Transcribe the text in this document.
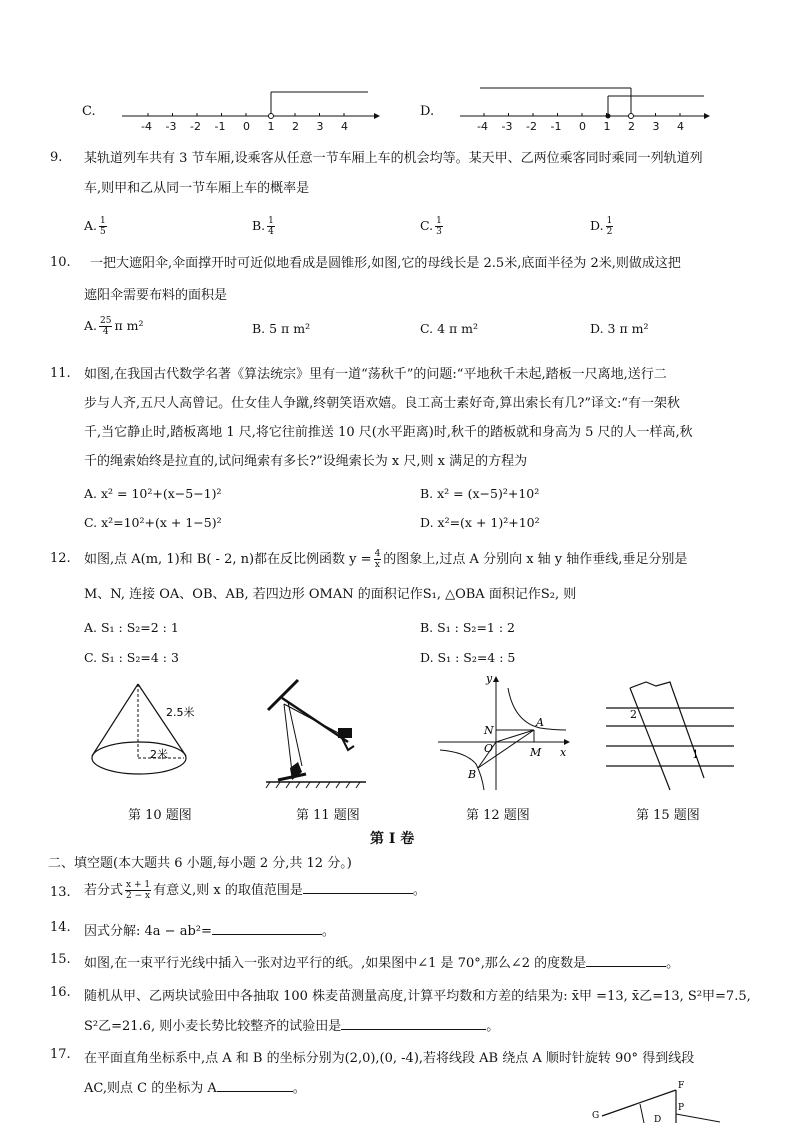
C.	D.
-4 -3 -2 -1 0 1 2 3 4	-4 -3 -2 -1 0 1 2 3 4
9. 某轨道列车共有 3 节车厢,设乘客从任意一节车厢上车的机会均等。某天甲、乙两位乘客同时乘同一列轨道列
车,则甲和乙从同一节车厢上车的概率是
A. $\frac{1}{5}$	B. $\frac{1}{4}$	C. $\frac{1}{3}$	D. $\frac{1}{2}$
10. 一把大遮阳伞,伞面撑开时可近似地看成是圆锥形,如图,它的母线长是 2.5米,底面半径为 2米,则做成这把
遮阳伞需要布料的面积是
A. $\frac{25}{4}$ π m²	B. 5 π m²	C. 4 π m²	D. 3 π m²
11. 如图,在我国古代数学名著《算法统宗》里有一道“荡秋千”的问题:“平地秋千未起,踏板一尺离地,送行二
步与人齐,五尺人高曾记。仕女佳人争蹴,终朝笑语欢嬉。良工高士素好奇,算出索长有几?”译文:“有一架秋
千,当它静止时,踏板离地 1 尺,将它往前推送 10 尺(水平距离)时,秋千的踏板就和身高为 5 尺的人一样高,秋
千的绳索始终是拉直的,试问绳索有多长?”设绳索长为 x 尺,则 x 满足的方程为
A. x² = 10²+(x−5−1)²	B. x² = (x−5)²+10²
C. x²=10²+(x + 1−5)²	D. x²=(x + 1)²+10²
12. 如图,点 A(m, 1)和 B( - 2, n)都在反比例函数 $y = \frac{4}{x}$ 的图象上,过点 A 分别向 x 轴 y 轴作垂线,垂足分别是
M、N, 连接 OA、OB、AB, 若四边形 OMAN 的面积记作S₁, △OBA 面积记作S₂, 则
A. S₁ : S₂=2 : 1	B. S₁ : S₂=1 : 2
C. S₁ : S₂=4 : 3	D. S₁ : S₂=4 : 5
2.5米
2米
y
x
N
A
O	M
B
2
1
第 10 题图	第 11 题图	第 12 题图	第 15 题图
第 I 卷
二、填空题(本大题共 6 小题,每小题 2 分,共 12 分。)
13. 若分式 $\frac{x + 1}{2 - x}$ 有意义,则 x 的取值范围是	。
14. 因式分解: 4a − ab²=	。
15. 如图,在一束平行光线中插入一张对边平行的纸。,如果图中∠1 是 70°,那么∠2 的度数是	。
16. 随机从甲、乙两块试验田中各抽取 100 株麦苗测量高度,计算平均数和方差的结果为: x̄甲 =13, x̄乙=13, S²甲=7.5,
S²乙=21.6, 则小麦长势比较整齐的试验田是	。
17. 在平面直角坐标系中,点 A 和 B 的坐标分别为(2,0),(0, -4),若将线段 AB 绕点 A 顺时针旋转 90° 得到线段
AC,则点 C 的坐标为 A	。	F
G	D
P
